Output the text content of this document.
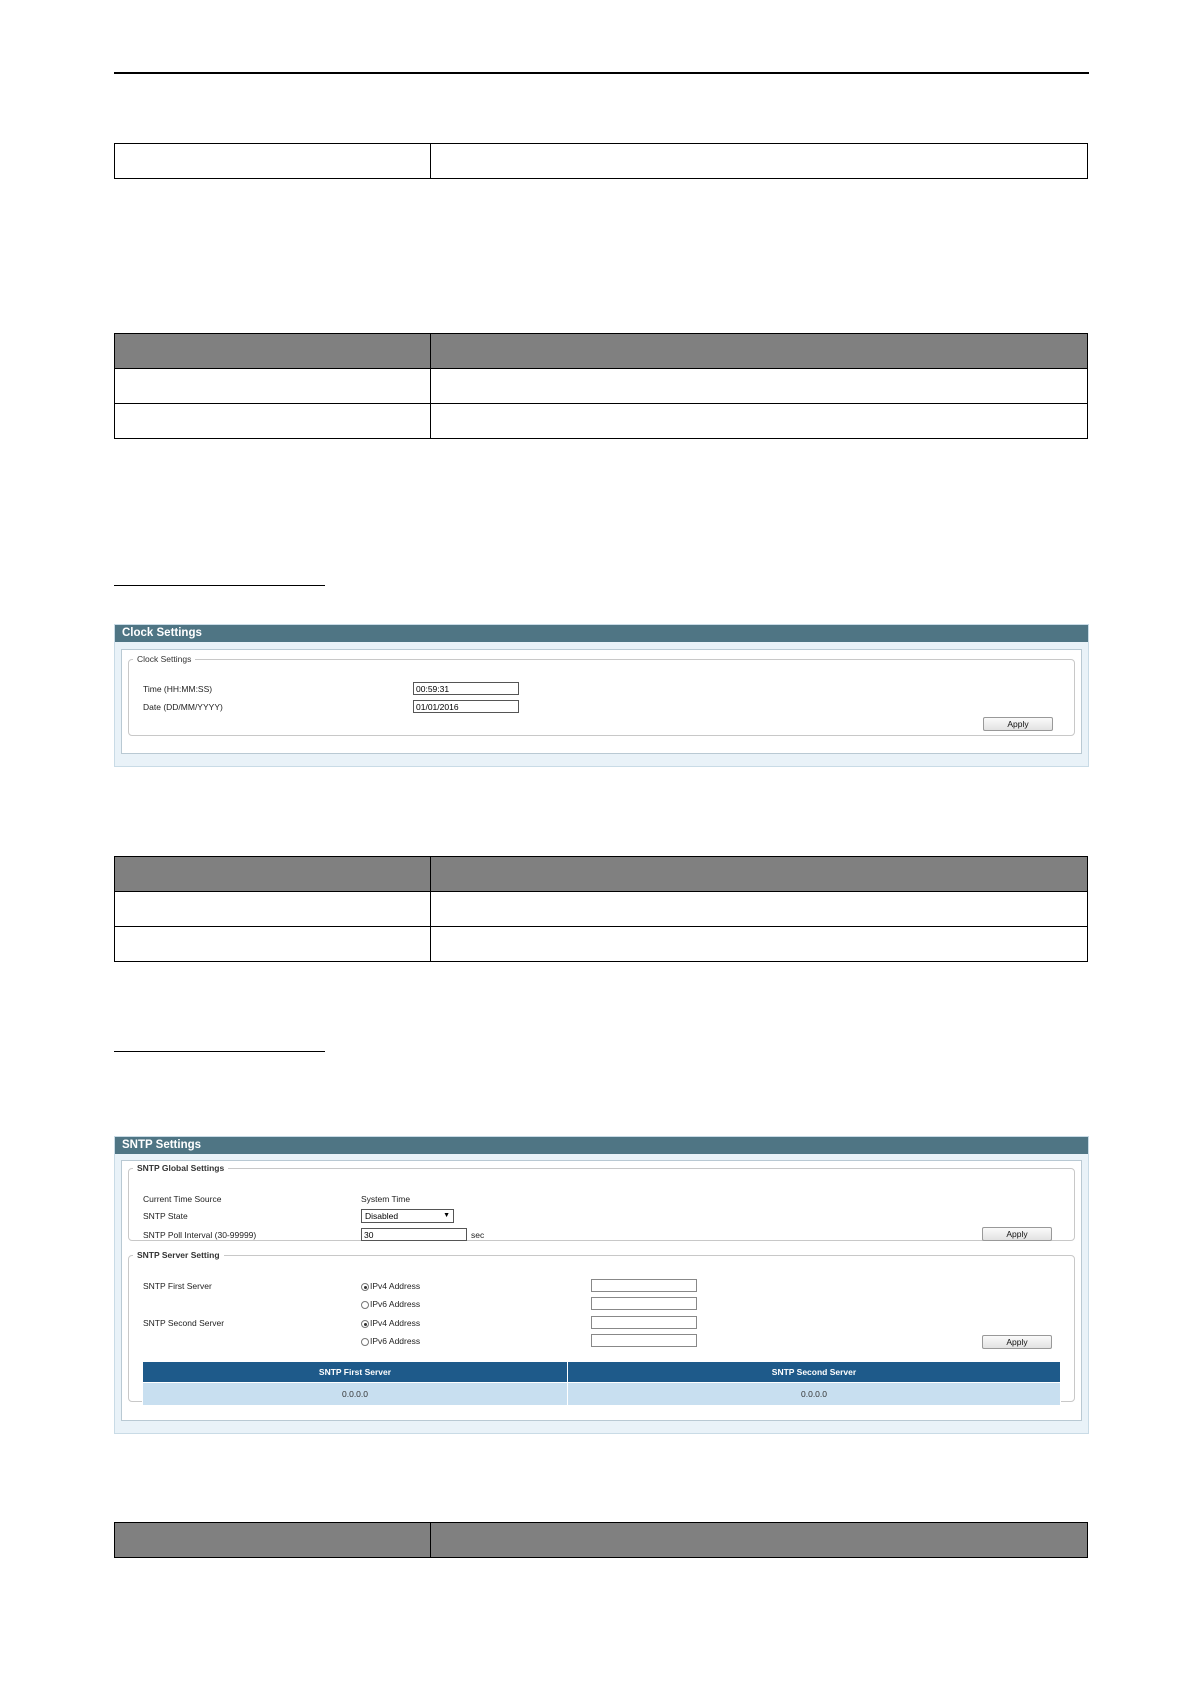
Clock Settings
Clock Settings
Time (HH:MM:SS)	00:59:31
Date (DD/MM/YYYY)	01/01/2016
Apply

SNTP Settings
SNTP Global Settings
Current Time Source	System Time
SNTP State	Disabled	▼
SNTP Poll Interval (30-99999)	30	sec	Apply
SNTP Server Setting
SNTP First Server	IPv4 Address
IPv6 Address
SNTP Second Server	IPv4 Address
IPv6 Address	Apply
SNTP First Server	SNTP Second Server
0.0.0.0	0.0.0.0
